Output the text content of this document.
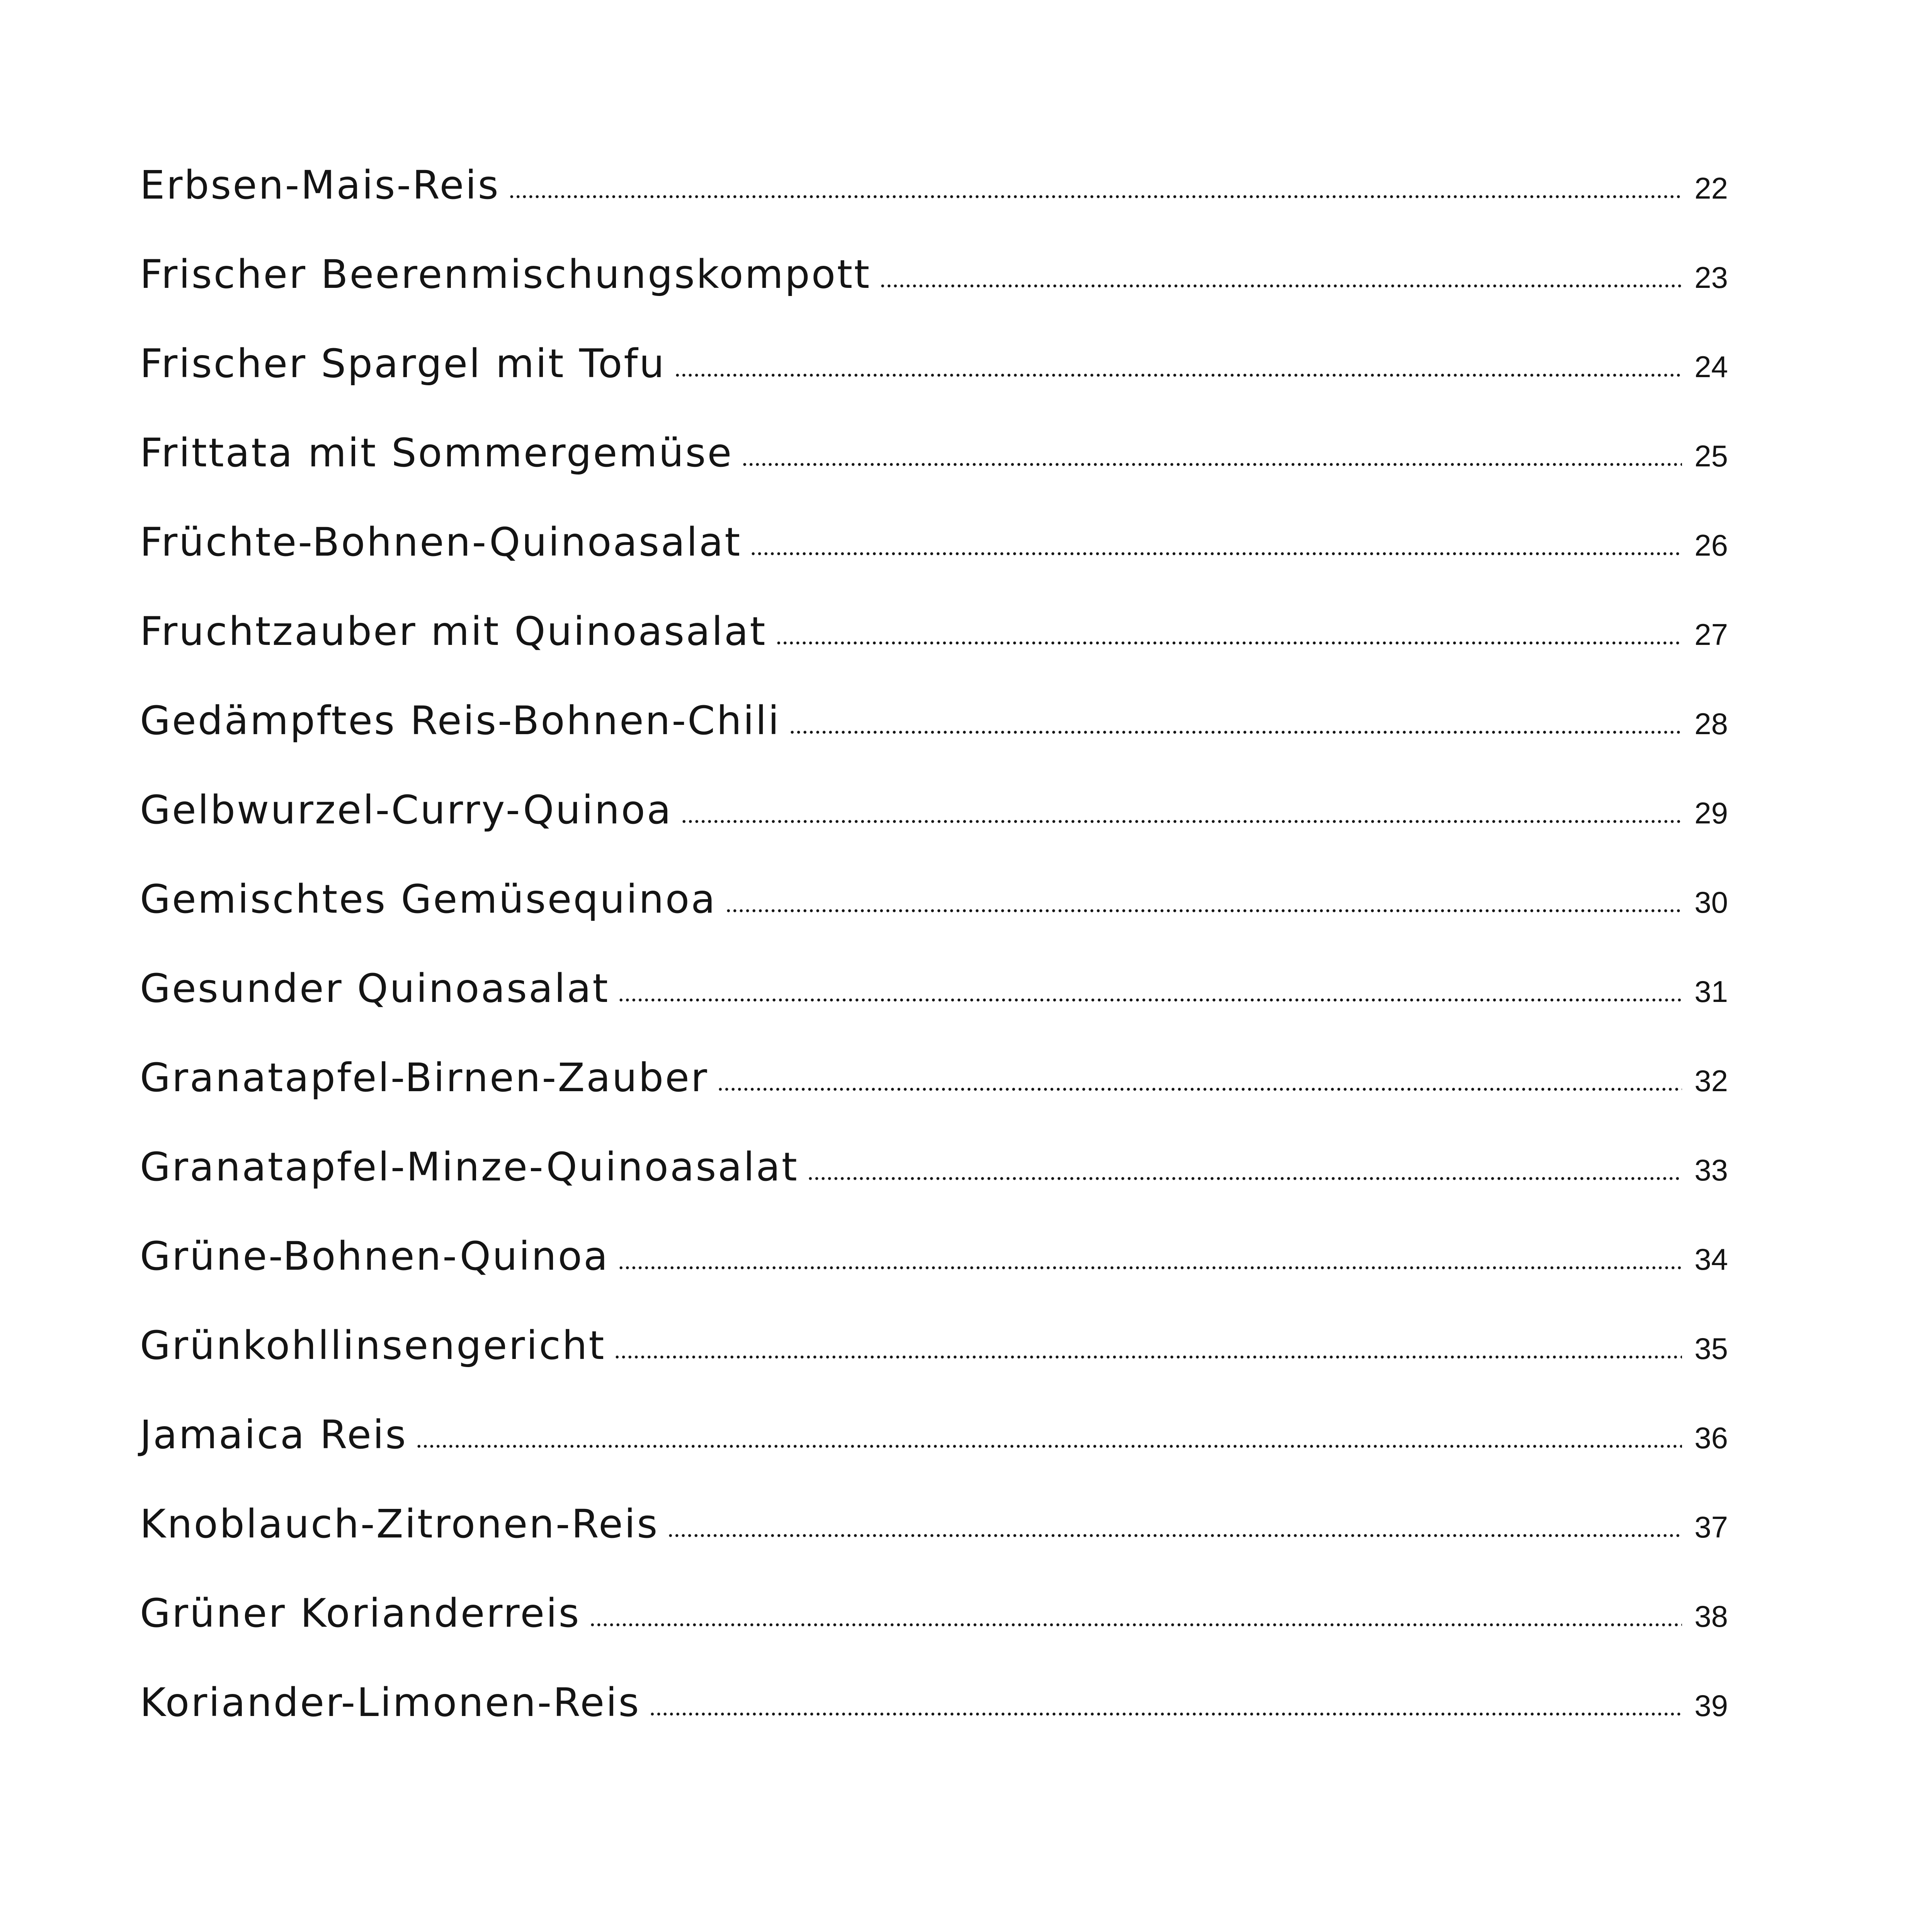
Erbsen-Mais-Reis	22
Frischer Beerenmischungskompott	23
Frischer Spargel mit Tofu	24
Frittata mit Sommergemüse	25
Früchte-Bohnen-Quinoasalat	26
Fruchtzauber mit Quinoasalat	27
Gedämpftes Reis-Bohnen-Chili	28
Gelbwurzel-Curry-Quinoa	29
Gemischtes Gemüsequinoa	30
Gesunder Quinoasalat	31
Granatapfel-Birnen-Zauber	32
Granatapfel-Minze-Quinoasalat	33
Grüne-Bohnen-Quinoa	34
Grünkohllinsengericht	35
Jamaica Reis	36
Knoblauch-Zitronen-Reis	37
Grüner Korianderreis	38
Koriander-Limonen-Reis	39
